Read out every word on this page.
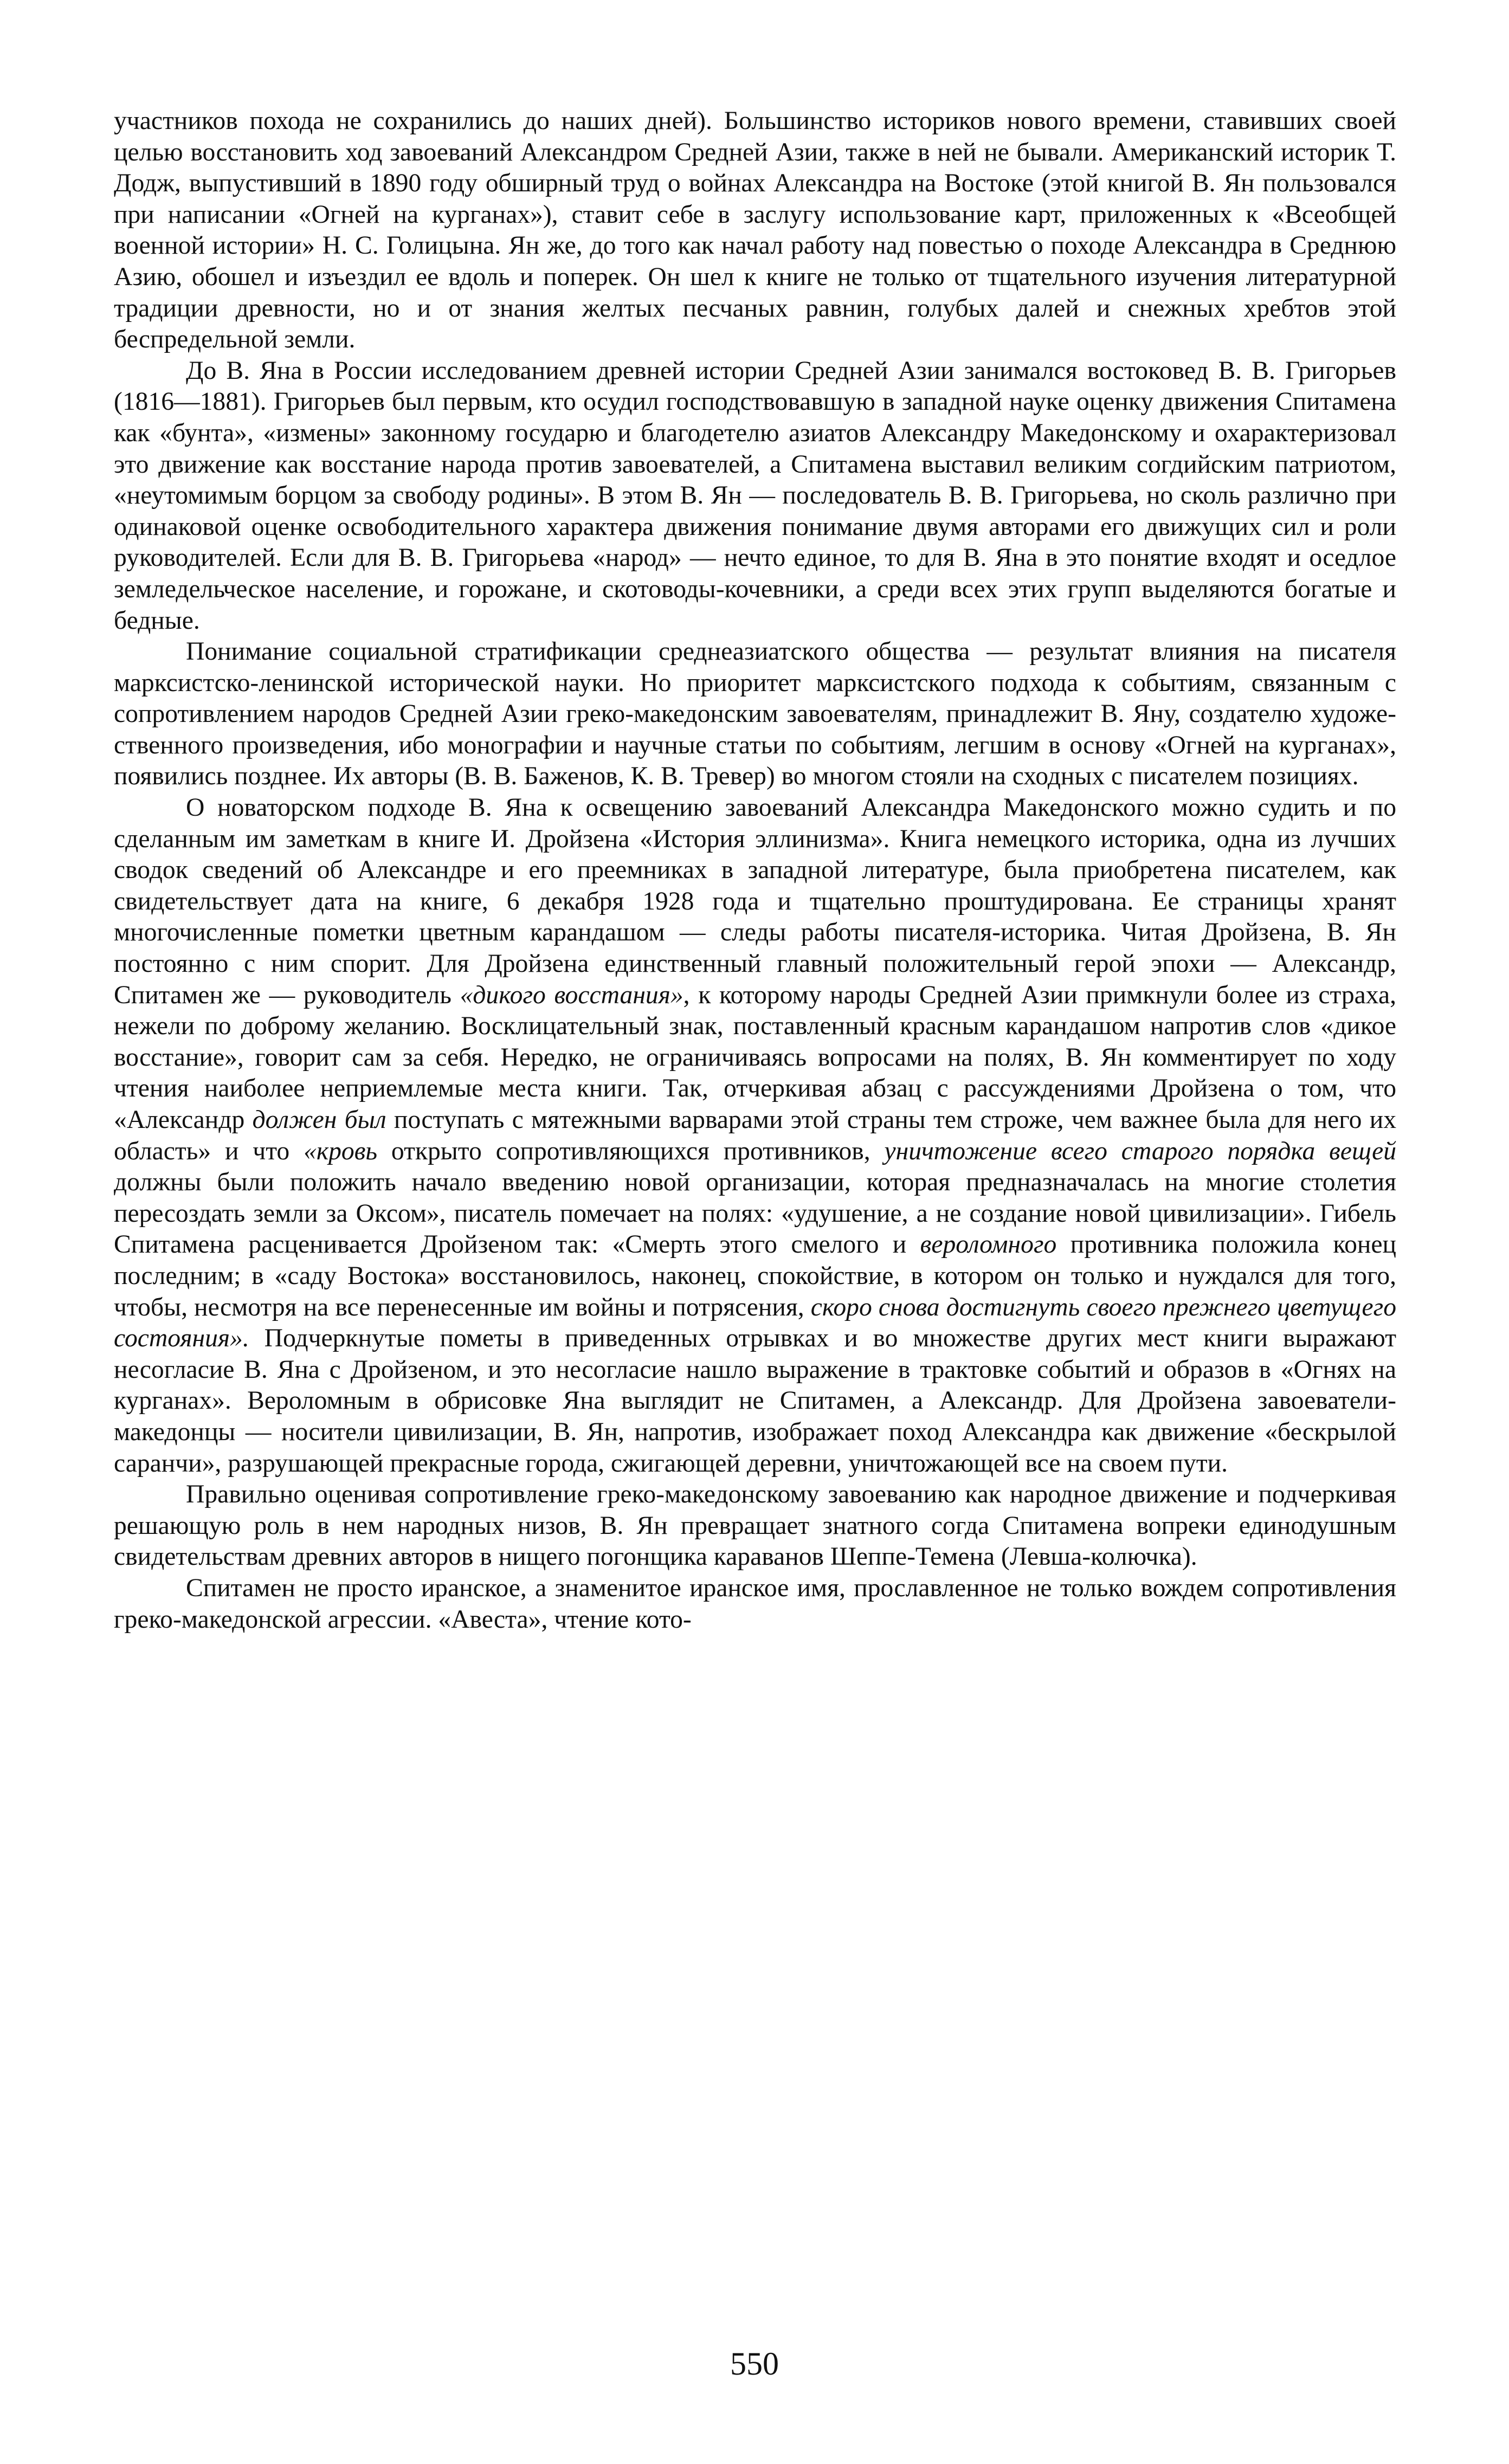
участников похода не сохранились до наших дней). Большинство историков нового времени, ставивших своей целью восстановить ход завоеваний Александром Средней Азии, также в ней не бывали. Американский историк Т. Додж, выпустивший в 1890 году обширный труд о войнах Александра на Востоке (этой книгой В. Ян пользовался при написании «Огней на курганах»), ставит себе в заслугу использование карт, приложенных к «Всеобщей военной истории» Н. С. Голицына. Ян же, до того как начал работу над повестью о походе Александра в Среднюю Азию, обошел и изъездил ее вдоль и поперек. Он шел к книге не только от тщательного изучения литературной традиции древности, но и от знания желтых песчаных равнин, голубых далей и снежных хребтов этой беспредельной земли.

До В. Яна в России исследованием древней истории Средней Азии занимался востоковед В. В. Григорьев (1816—1881). Григорьев был первым, кто осудил господствовавшую в западной науке оценку движения Спитамена как «бунта», «измены» законному государю и благодетелю азиатов Александру Македонскому и охарактеризовал это движение как восстание народа против завоевателей, а Спитамена выставил великим согдийским патриотом, «неутомимым борцом за свободу родины». В этом В. Ян — последователь В. В. Григорьева, но сколь различно при одинаковой оценке освободительного характера движения понимание двумя авторами его движущих сил и роли руководителей. Если для В. В. Григорьева «народ» — нечто единое, то для В. Яна в это понятие входят и оседлое земледельческое население, и горожане, и скотоводы-кочевники, а среди всех этих групп выделяются богатые и бедные.

Понимание социальной стратификации среднеазиатского общества — результат влияния на писателя марксистско-ленинской исторической науки. Но приоритет марксистского подхода к событиям, связанным с сопротивлением народов Средней Азии греко-македонским завоевателям, принадлежит В. Яну, создателю художественного произведения, ибо монографии и научные статьи по событиям, легшим в основу «Огней на курганах», появились позднее. Их авторы (В. В. Баженов, К. В. Тревер) во многом стояли на сходных с писателем позициях.

О новаторском подходе В. Яна к освещению завоеваний Александра Македонского можно судить и по сделанным им заметкам в книге И. Дройзена «История эллинизма». Книга немецкого историка, одна из лучших сводок сведений об Александре и его преемниках в западной литературе, была приобретена писателем, как свидетельствует дата на книге, 6 декабря 1928 года и тщательно проштудирована. Ее страницы хранят многочисленные пометки цветным карандашом — следы работы писателя-историка. Читая Дройзена, В. Ян постоянно с ним спорит. Для Дройзена единственный главный положительный герой эпохи — Александр, Спитамен же — руководитель «дикого восстания», к которому народы Средней Азии примкнули более из страха, нежели по доброму желанию. Восклицательный знак, поставленный красным карандашом напротив слов «дикое восстание», говорит сам за себя. Нередко, не ограничиваясь вопросами на полях, В. Ян комментирует по ходу чтения наиболее неприемлемые места книги. Так, отчеркивая абзац с рассуждениями Дройзена о том, что «Александр должен был поступать с мятежными варварами этой страны тем строже, чем важнее была для него их область» и что «кровь открыто сопротивляющихся противников, уничтожение всего старого порядка вещей должны были положить начало введению новой организации, которая предназначалась на многие столетия пересоздать земли за Оксом», писатель помечает на полях: «удушение, а не создание новой цивилизации». Гибель Спитамена расценивается Дройзеном так: «Смерть этого смелого и вероломного противника положила конец последним; в «саду Востока» восстановилось, наконец, спокойствие, в котором он только и нуждался для того, чтобы, несмотря на все перенесенные им войны и потрясения, скоро снова достигнуть своего прежнего цветущего состояния». Подчеркнутые пометы в приведенных отрывках и во множестве других мест книги выражают несогласие В. Яна с Дройзеном, и это несогласие нашло выражение в трактовке событий и образов в «Огнях на курганах». Вероломным в обрисовке Яна выглядит не Спитамен, а Александр. Для Дройзена завоеватели-македонцы — носители цивилизации, В. Ян, напротив, изображает поход Александра как движение «бескрылой саранчи», разрушающей прекрасные города, сжигающей деревни, уничтожающей все на своем пути.

Правильно оценивая сопротивление греко-македонскому завоеванию как народное движение и подчеркивая решающую роль в нем народных низов, В. Ян превращает знатного согда Спитамена вопреки единодушным свидетельствам древних авторов в нищего погонщика караванов Шеппе-Темена (Левша-колючка).

Спитамен не просто иранское, а знаменитое иранское имя, прославленное не только вождем сопротивления греко-македонской агрессии. «Авеста», чтение кото-

550
